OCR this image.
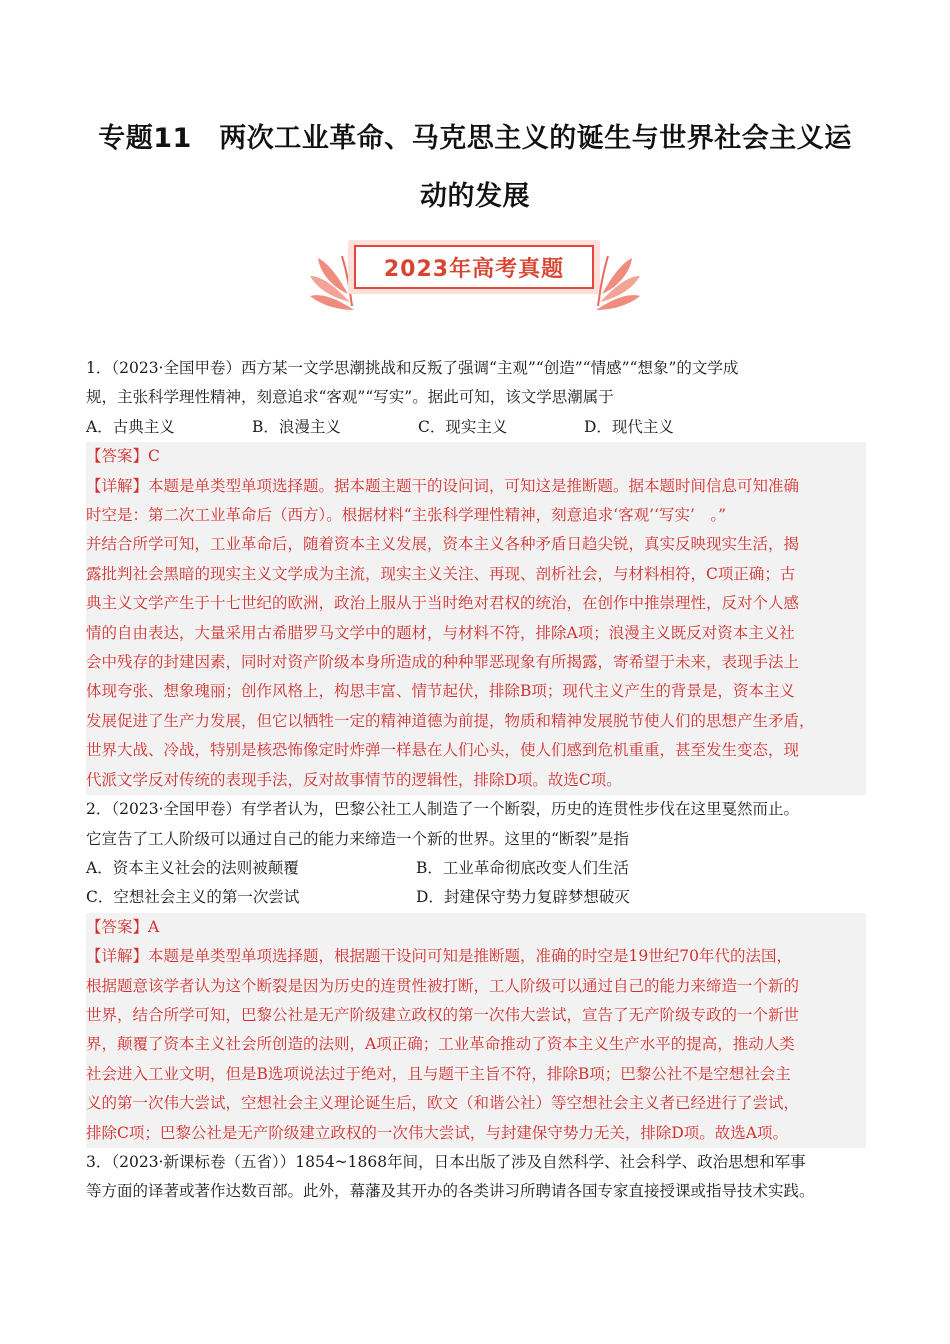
专题11　两次工业革命、马克思主义的诞生与世界社会主义运
动的发展
2023年高考真题

1．（2023·全国甲卷）西方某一文学思潮挑战和反叛了强调“主观”“创造”“情感”“想象”的文学成

规，主张科学理性精神，刻意追求“客观”“写实”。据此可知，该文学思潮属于

A．古典主义	B．浪漫主义	C．现实主义	D．现代主义

【答案】C

【详解】本题是单类型单项选择题。据本题主题干的设问词，可知这是推断题。据本题时间信息可知准确

时空是：第二次工业革命后（西方）。根据材料“主张科学理性精神，刻意追求‘客观’‘写实’　。”

并结合所学可知，工业革命后，随着资本主义发展，资本主义各种矛盾日趋尖锐，真实反映现实生活，揭

露批判社会黑暗的现实主义文学成为主流，现实主义关注、再现、剖析社会，与材料相符，C项正确；古

典主义文学产生于十七世纪的欧洲，政治上服从于当时绝对君权的统治，在创作中推崇理性，反对个人感

情的自由表达，大量采用古希腊罗马文学中的题材，与材料不符，排除A项；浪漫主义既反对资本主义社

会中残存的封建因素，同时对资产阶级本身所造成的种种罪恶现象有所揭露，寄希望于未来，表现手法上

体现夸张、想象瑰丽；创作风格上，构思丰富、情节起伏，排除B项；现代主义产生的背景是，资本主义

发展促进了生产力发展，但它以牺牲一定的精神道德为前提，物质和精神发展脱节使人们的思想产生矛盾，

世界大战、冷战，特别是核恐怖像定时炸弹一样悬在人们心头，使人们感到危机重重，甚至发生变态，现

代派文学反对传统的表现手法，反对故事情节的逻辑性，排除D项。故选C项。

2．（2023·全国甲卷）有学者认为，巴黎公社工人制造了一个断裂，历史的连贯性步伐在这里戛然而止。

它宣告了工人阶级可以通过自己的能力来缔造一个新的世界。这里的“断裂”是指

A．资本主义社会的法则被颠覆	B．工业革命彻底改变人们生活

C．空想社会主义的第一次尝试	D．封建保守势力复辟梦想破灭

【答案】A

【详解】本题是单类型单项选择题，根据题干设问可知是推断题，准确的时空是19世纪70年代的法国，

根据题意该学者认为这个断裂是因为历史的连贯性被打断，工人阶级可以通过自己的能力来缔造一个新的

世界，结合所学可知，巴黎公社是无产阶级建立政权的第一次伟大尝试，宣告了无产阶级专政的一个新世

界，颠覆了资本主义社会所创造的法则，A项正确；工业革命推动了资本主义生产水平的提高，推动人类

社会进入工业文明，但是B选项说法过于绝对，且与题干主旨不符，排除B项；巴黎公社不是空想社会主

义的第一次伟大尝试，空想社会主义理论诞生后，欧文（和谐公社）等空想社会主义者已经进行了尝试，

排除C项；巴黎公社是无产阶级建立政权的一次伟大尝试，与封建保守势力无关，排除D项。故选A项。

3．（2023·新课标卷（五省））1854~1868年间，日本出版了涉及自然科学、社会科学、政治思想和军事

等方面的译著或著作达数百部。此外，幕藩及其开办的各类讲习所聘请各国专家直接授课或指导技术实践。
